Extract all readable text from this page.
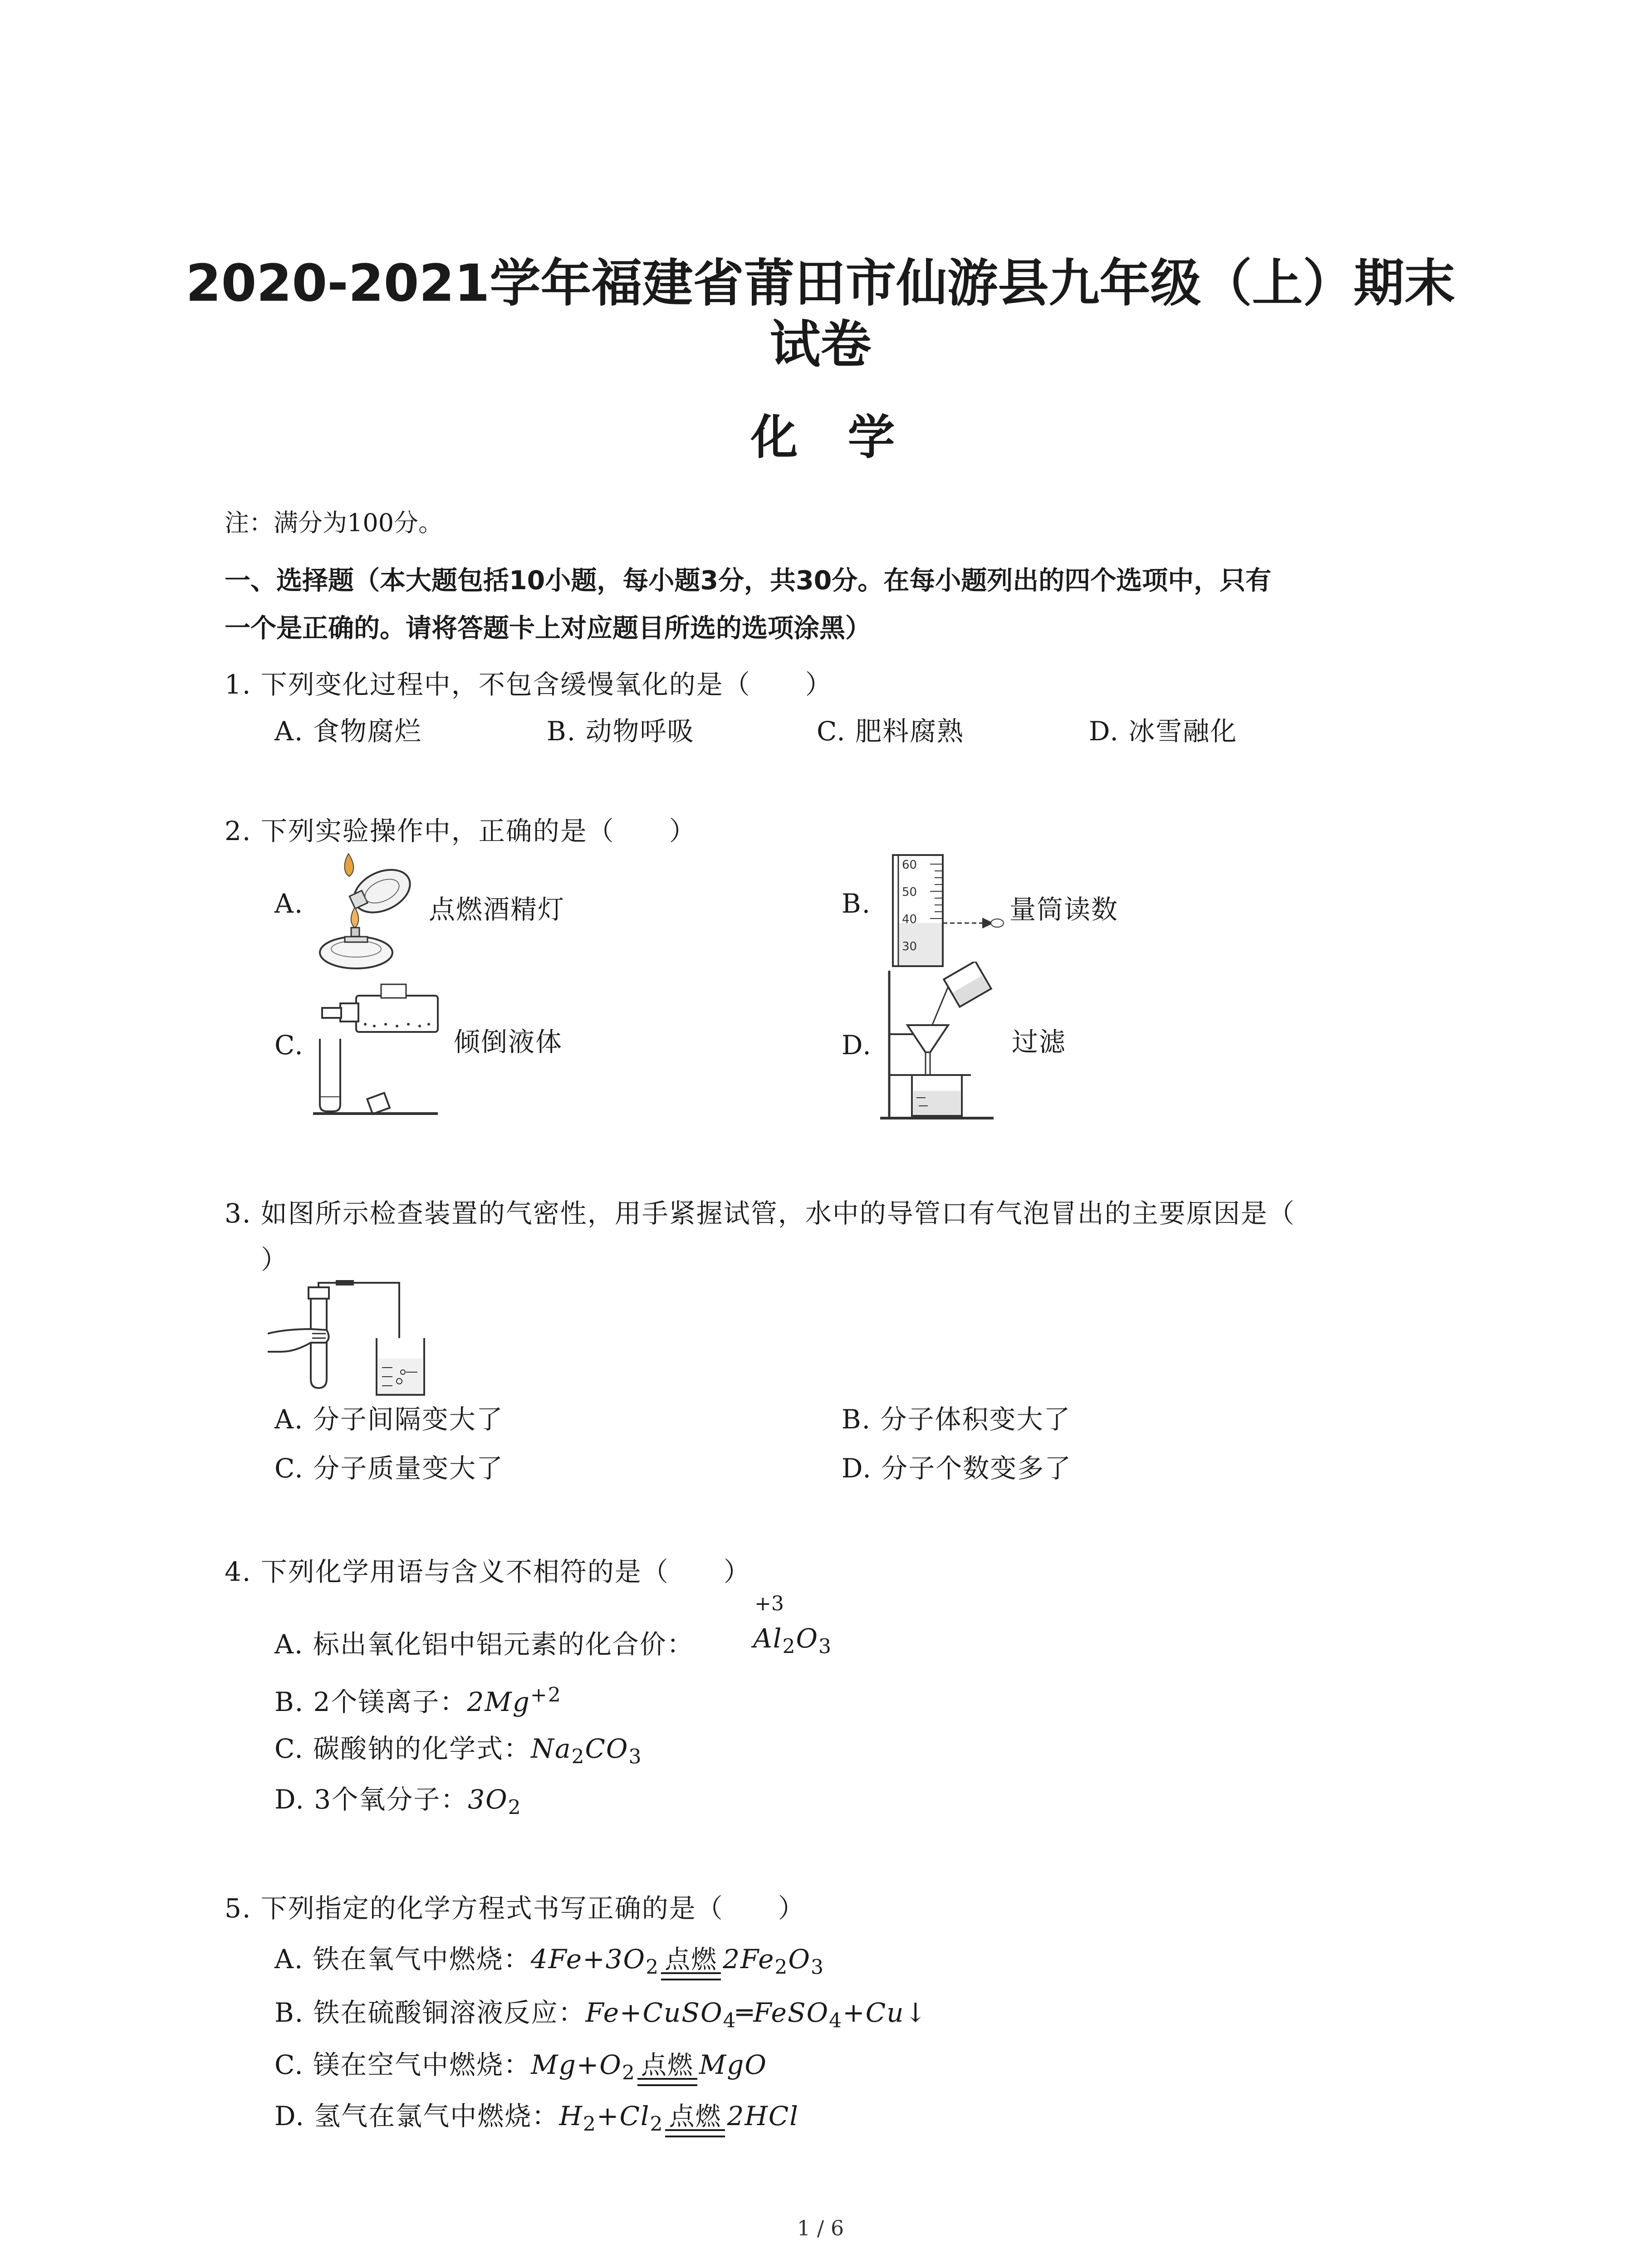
2020-2021学年福建省莆田市仙游县九年级（上）期末
试卷
化学
注：满分为100分。
一、选择题（本大题包括10小题，每小题3分，共30分。在每小题列出的四个选项中，只有
一个是正确的。请将答题卡上对应题目所选的选项涂黑）
1. 下列变化过程中，不包含缓慢氧化的是（　　）
A. 食物腐烂	B. 动物呼吸	C. 肥料腐熟	D. 冰雪融化
2. 下列实验操作中，正确的是（　　）
A.	点燃酒精灯	B.
60
50
40
30
量筒读数
C.	倾倒液体	D.	过滤
3. 如图所示检查装置的气密性，用手紧握试管，水中的导管口有气泡冒出的主要原因是（
）
A. 分子间隔变大了	B. 分子体积变大了
C. 分子质量变大了	D. 分子个数变多了
4. 下列化学用语与含义不相符的是（　　）
A. 标出氧化铝中铝元素的化合价：
+3
$Al_2O_3$
B. 2个镁离子：$2Mg^{+2}$
C. 碳酸钠的化学式：$Na_2CO_3$
D. 3个氧分子：$3O_2$
5. 下列指定的化学方程式书写正确的是（　　）
A. 铁在氧气中燃烧：$4Fe+3O_2$ 点燃 $2Fe_2O_3$
B. 铁在硫酸铜溶液反应：Fe+CuSO$_4$═FeSO$_4$+Cu↓
C. 镁在空气中燃烧：$Mg+O_2$ 点燃 MgO
D. 氢气在氯气中燃烧：$H_2+Cl_2$ 点燃 2HCl
1 / 6
